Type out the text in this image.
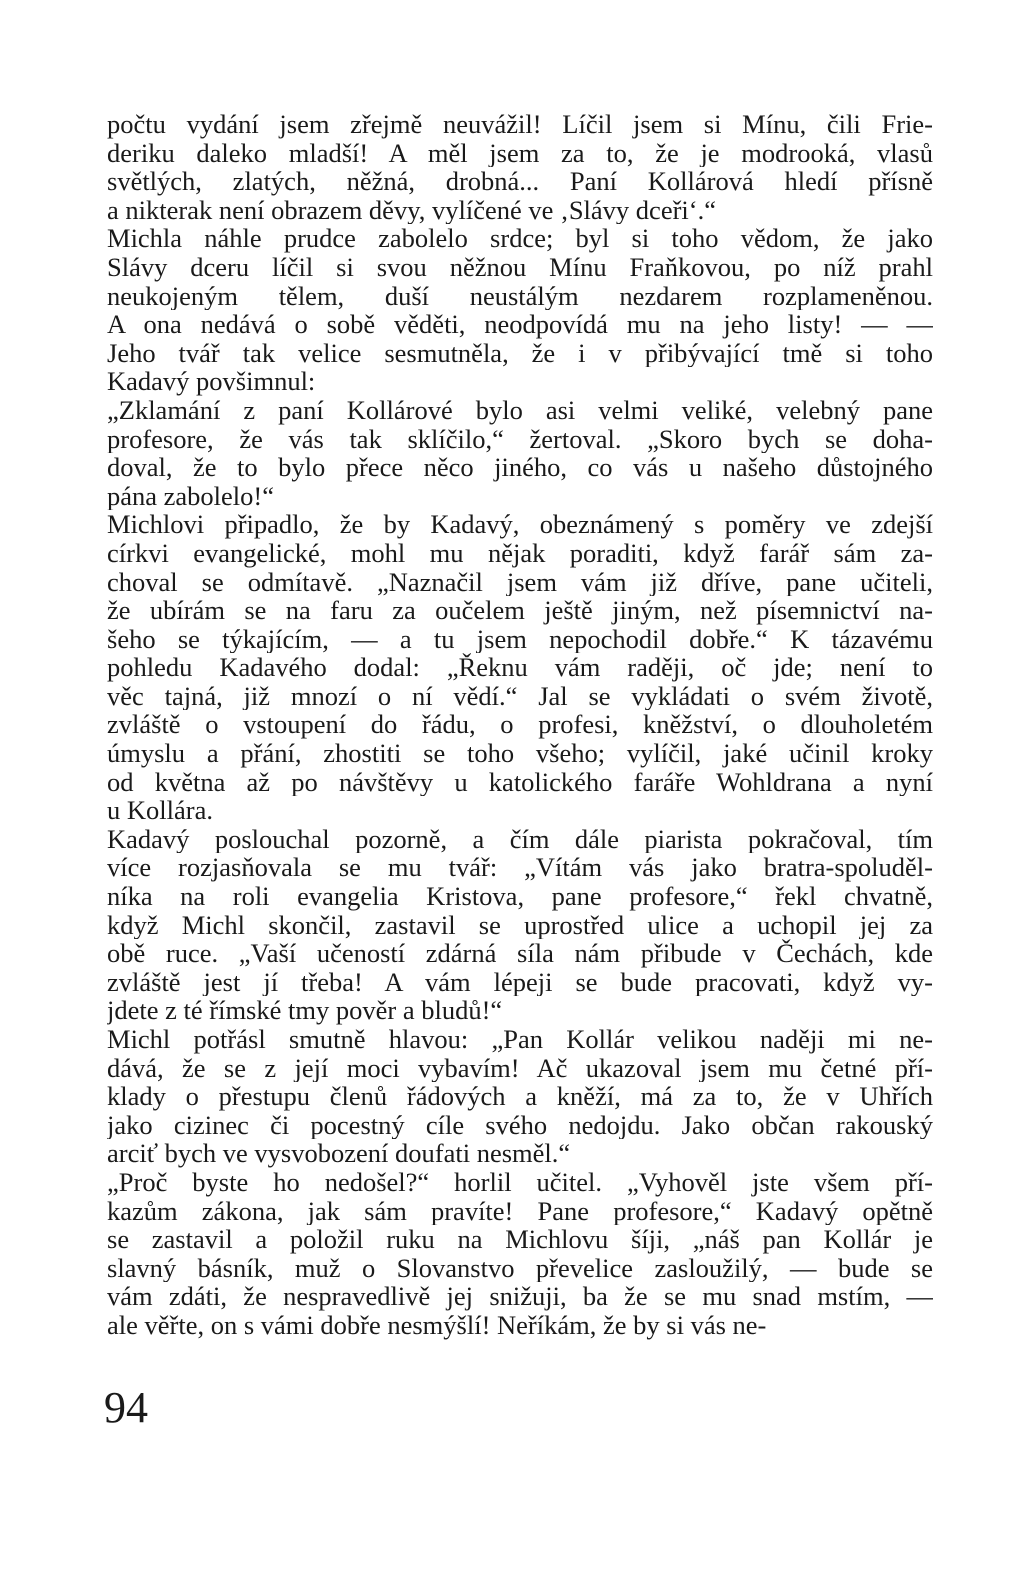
počtu vydání jsem zřejmě neuvážil! Líčil jsem si Mínu, čili Frie-
deriku daleko mladší! A měl jsem za to, že je modrooká, vlasů
světlých, zlatých, něžná, drobná... Paní Kollárová hledí přísně
a nikterak není obrazem děvy, vylíčené ve ‚Slávy dceři‘.“
Michla náhle prudce zabolelo srdce; byl si toho vědom, že jako
Slávy dceru líčil si svou něžnou Mínu Fraňkovou, po níž prahl
neukojeným tělem, duší neustálým nezdarem rozplameněnou.
A ona nedává o sobě věděti, neodpovídá mu na jeho listy! — —
Jeho tvář tak velice sesmutněla, že i v přibývající tmě si toho
Kadavý povšimnul:
„Zklamání z paní Kollárové bylo asi velmi veliké, velebný pane
profesore, že vás tak sklíčilo,“ žertoval. „Skoro bych se doha-
doval, že to bylo přece něco jiného, co vás u našeho důstojného
pána zabolelo!“
Michlovi připadlo, že by Kadavý, obeznámený s poměry ve zdejší
církvi evangelické, mohl mu nějak poraditi, když farář sám za-
choval se odmítavě. „Naznačil jsem vám již dříve, pane učiteli,
že ubírám se na faru za oučelem ještě jiným, než písemnictví na-
šeho se týkajícím, — a tu jsem nepochodil dobře.“ K tázavému
pohledu Kadavého dodal: „Řeknu vám raději, oč jde; není to
věc tajná, již mnozí o ní vědí.“ Jal se vykládati o svém životě,
zvláště o vstoupení do řádu, o profesi, kněžství, o dlouholetém
úmyslu a přání, zhostiti se toho všeho; vylíčil, jaké učinil kroky
od května až po návštěvy u katolického faráře Wohldrana a nyní
u Kollára.
Kadavý poslouchal pozorně, a čím dále piarista pokračoval, tím
více rozjasňovala se mu tvář: „Vítám vás jako bratra-spoluděl-
níka na roli evangelia Kristova, pane profesore,“ řekl chvatně,
když Michl skončil, zastavil se uprostřed ulice a uchopil jej za
obě ruce. „Vaší učeností zdárná síla nám přibude v Čechách, kde
zvláště jest jí třeba! A vám lépeji se bude pracovati, když vy-
jdete z té římské tmy pověr a bludů!“
Michl potřásl smutně hlavou: „Pan Kollár velikou naději mi ne-
dává, že se z její moci vybavím! Ač ukazoval jsem mu četné pří-
klady o přestupu členů řádových a kněží, má za to, že v Uhřích
jako cizinec či pocestný cíle svého nedojdu. Jako občan rakouský
arciť bych ve vysvobození doufati nesměl.“
„Proč byste ho nedošel?“ horlil učitel. „Vyhověl jste všem pří-
kazům zákona, jak sám pravíte! Pane profesore,“ Kadavý opětně
se zastavil a položil ruku na Michlovu šíji, „náš pan Kollár je
slavný básník, muž o Slovanstvo převelice zasloužilý, — bude se
vám zdáti, že nespravedlivě jej snižuji, ba že se mu snad mstím, —
ale věřte, on s vámi dobře nesmýšlí! Neříkám, že by si vás ne-
94
